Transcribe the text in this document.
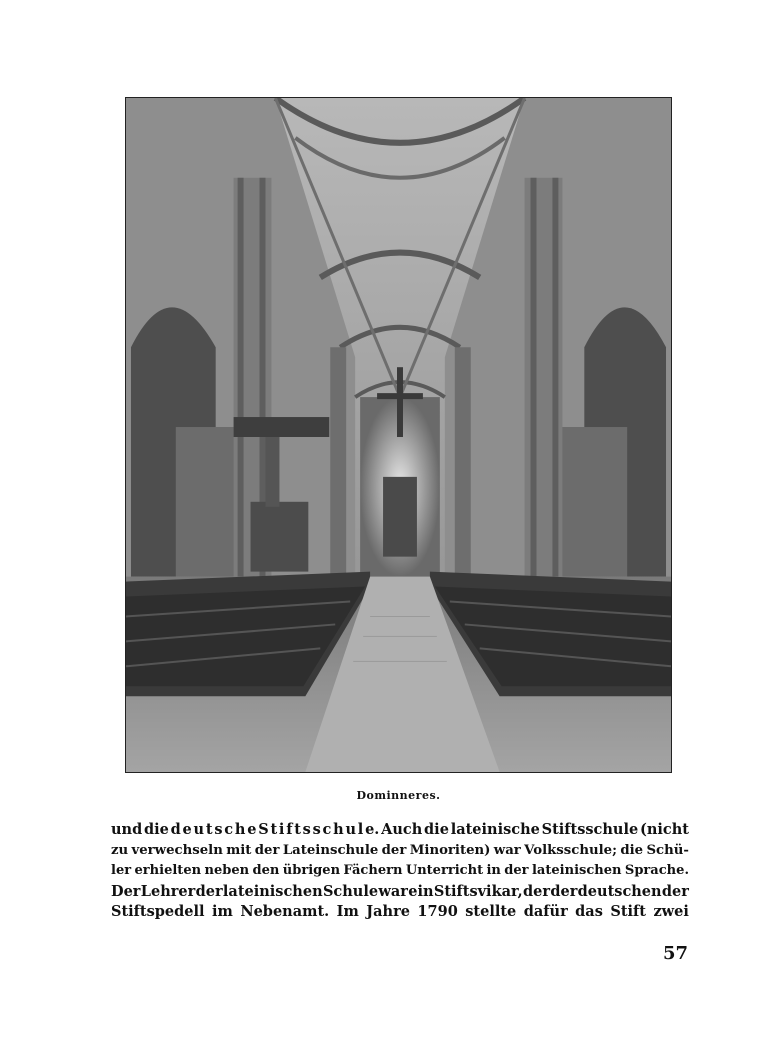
Dominneres.
und die d e u t s c h e S t i f t s s c h u l e. Auch die lateinische Stiftsschule (nicht
zu verwechseln mit der Lateinschule der Minoriten) war Volksschule; die Schü-
ler erhielten neben den übrigen Fächern Unterricht in der lateinischen Sprache.
Der Lehrer der lateinischen Schule war ein Stiftsvikar, der der deutschen der
Stiftspedell im Nebenamt. Im Jahre 1790 stellte dafür das Stift zwei
57
